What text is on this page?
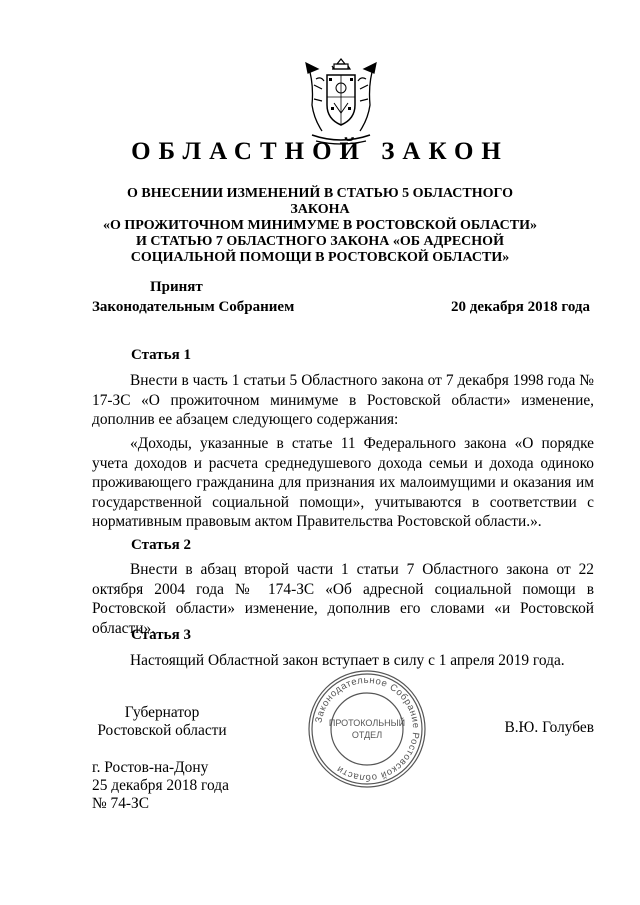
ОБЛАСТНОЙ ЗАКОН
О ВНЕСЕНИИ ИЗМЕНЕНИЙ В СТАТЬЮ 5 ОБЛАСТНОГО ЗАКОНА
«О ПРОЖИТОЧНОМ МИНИМУМЕ В РОСТОВСКОЙ ОБЛАСТИ»
И СТАТЬЮ 7 ОБЛАСТНОГО ЗАКОНА «ОБ АДРЕСНОЙ
СОЦИАЛЬНОЙ ПОМОЩИ В РОСТОВСКОЙ ОБЛАСТИ»
Принят
Законодательным Собранием	20 декабря 2018 года
Статья 1
Внести в часть 1 статьи 5 Областного закона от 7 декабря 1998 года № 17-ЗС «О прожиточном минимуме в Ростовской области» изменение, дополнив ее абзацем следующего содержания:
«Доходы, указанные в статье 11 Федерального закона «О порядке учета доходов и расчета среднедушевого дохода семьи и дохода одиноко проживающего гражданина для признания их малоимущими и оказания им государственной социальной помощи», учитываются в соответствии с нормативным правовым актом Правительства Ростовской области.».
Статья 2
Внести в абзац второй части 1 статьи 7 Областного закона от 22 октября 2004 года № 174-ЗС «Об адресной социальной помощи в Ростовской области» изменение, дополнив его словами «и Ростовской области».
Статья 3
Настоящий Областной закон вступает в силу с 1 апреля 2019 года.
Губернатор
Ростовской области	В.Ю. Голубев
г. Ростов-на-Дону
25 декабря 2018 года
№ 74-ЗС
Законодательное Собрание Ростовской области
ПРОТОКОЛЬНЫЙ
ОТДЕЛ
